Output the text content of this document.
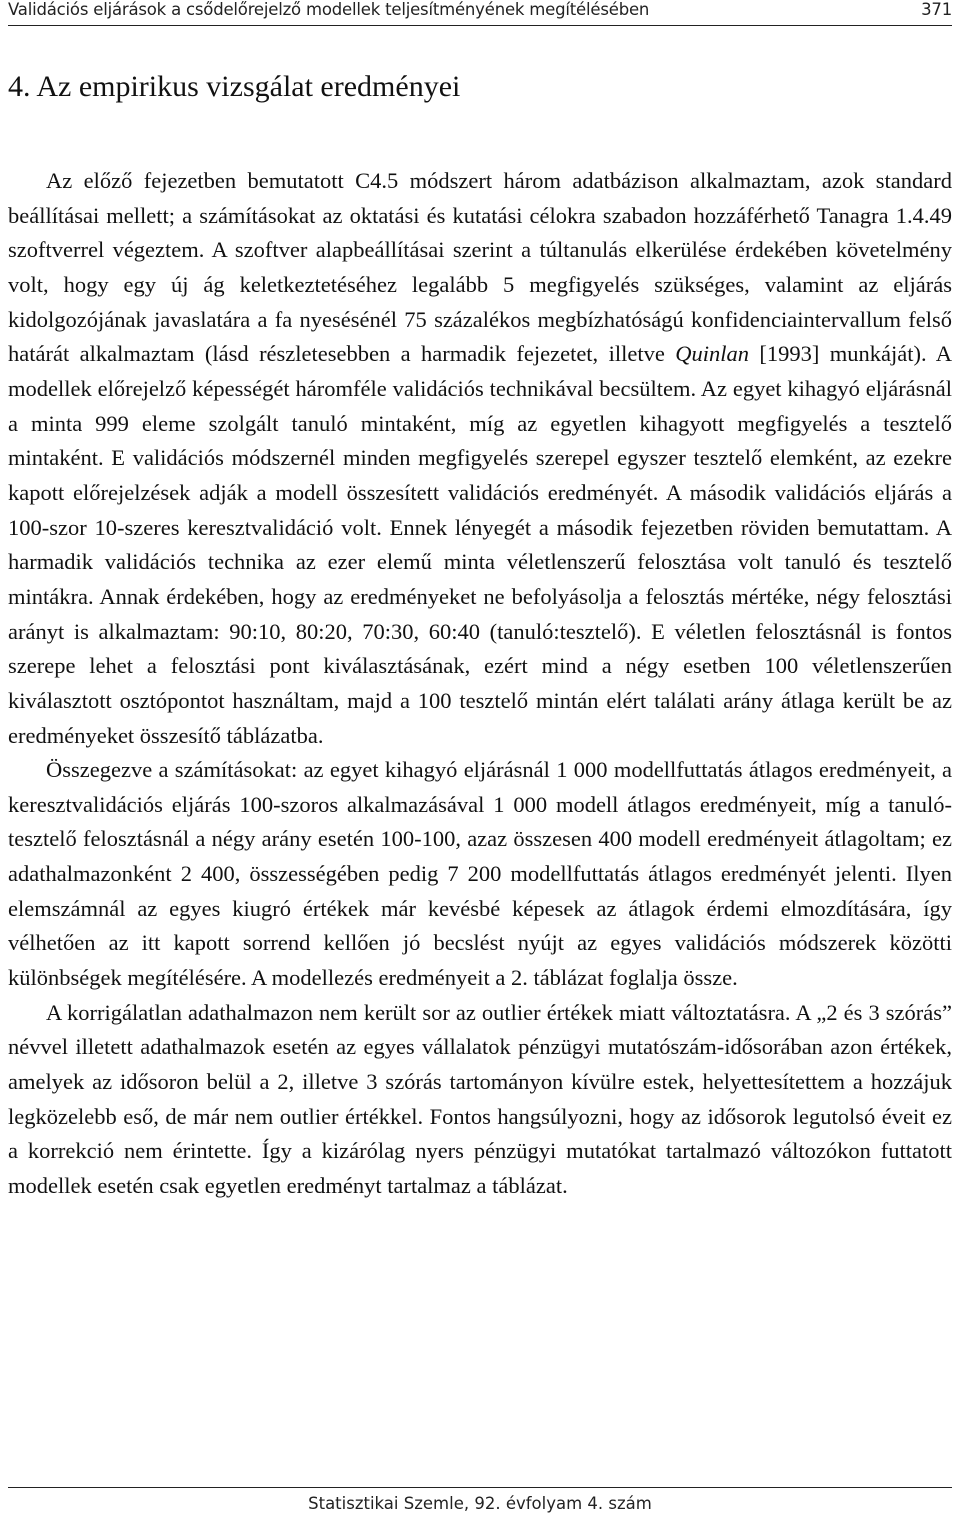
Validációs eljárások a csődelőrejelző modellek teljesítményének megítélésében	371
4. Az empirikus vizsgálat eredményei

Az előző fejezetben bemutatott C4.5 módszert három adatbázison alkalmaztam, azok standard beállításai mellett; a számításokat az oktatási és kutatási célokra szabadon hozzáférhető Tanagra 1.4.49 szoftverrel végeztem. A szoftver alapbeállításai szerint a túltanulás elkerülése érdekében követelmény volt, hogy egy új ág keletkeztetéséhez legalább 5 megfigyelés szükséges, valamint az eljárás kidolgozójának javaslatára a fa nyesésénél 75 százalékos megbízhatóságú konfidenciaintervallum felső határát alkalmaztam (lásd részletesebben a harmadik fejezetet, illetve Quinlan [1993] munkáját). A modellek előrejelző képességét háromféle validációs technikával becsültem. Az egyet kihagyó eljárásnál a minta 999 eleme szolgált tanuló mintaként, míg az egyetlen kihagyott megfigyelés a tesztelő mintaként. E validációs módszernél minden megfigyelés szerepel egyszer tesztelő elemként, az ezekre kapott előrejelzések adják a modell összesített validációs eredményét. A második validációs eljárás a 100-szor 10-szeres keresztvalidáció volt. Ennek lényegét a második fejezetben röviden bemutattam. A harmadik validációs technika az ezer elemű minta véletlenszerű felosztása volt tanuló és tesztelő mintákra. Annak érdekében, hogy az eredményeket ne befolyásolja a felosztás mértéke, négy felosztási arányt is alkalmaztam: 90:10, 80:20, 70:30, 60:40 (tanuló:tesztelő). E véletlen felosztásnál is fontos szerepe lehet a felosztási pont kiválasztásának, ezért mind a négy esetben 100 véletlenszerűen kiválasztott osztópontot használtam, majd a 100 tesztelő mintán elért találati arány átlaga került be az eredményeket összesítő táblázatba.

Összegezve a számításokat: az egyet kihagyó eljárásnál 1 000 modellfuttatás átlagos eredményeit, a keresztvalidációs eljárás 100-szoros alkalmazásával 1 000 modell átlagos eredményeit, míg a tanuló-tesztelő felosztásnál a négy arány esetén 100-100, azaz összesen 400 modell eredményeit átlagoltam; ez adathalmazonként 2 400, összességében pedig 7 200 modellfuttatás átlagos eredményét jelenti. Ilyen elemszámnál az egyes kiugró értékek már kevésbé képesek az átlagok érdemi elmozdítására, így vélhetően az itt kapott sorrend kellően jó becslést nyújt az egyes validációs módszerek közötti különbségek megítélésére. A modellezés eredményeit a 2. táblázat foglalja össze.

A korrigálatlan adathalmazon nem került sor az outlier értékek miatt változtatásra. A „2 és 3 szórás” névvel illetett adathalmazok esetén az egyes vállalatok pénzügyi mutatószám-idősorában azon értékek, amelyek az idősoron belül a 2, illetve 3 szórás tartományon kívülre estek, helyettesítettem a hozzájuk legközelebb eső, de már nem outlier értékkel. Fontos hangsúlyozni, hogy az idősorok legutolsó éveit ez a korrekció nem érintette. Így a kizárólag nyers pénzügyi mutatókat tartalmazó változókon futtatott modellek esetén csak egyetlen eredményt tartalmaz a táblázat.

Statisztikai Szemle, 92. évfolyam 4. szám
